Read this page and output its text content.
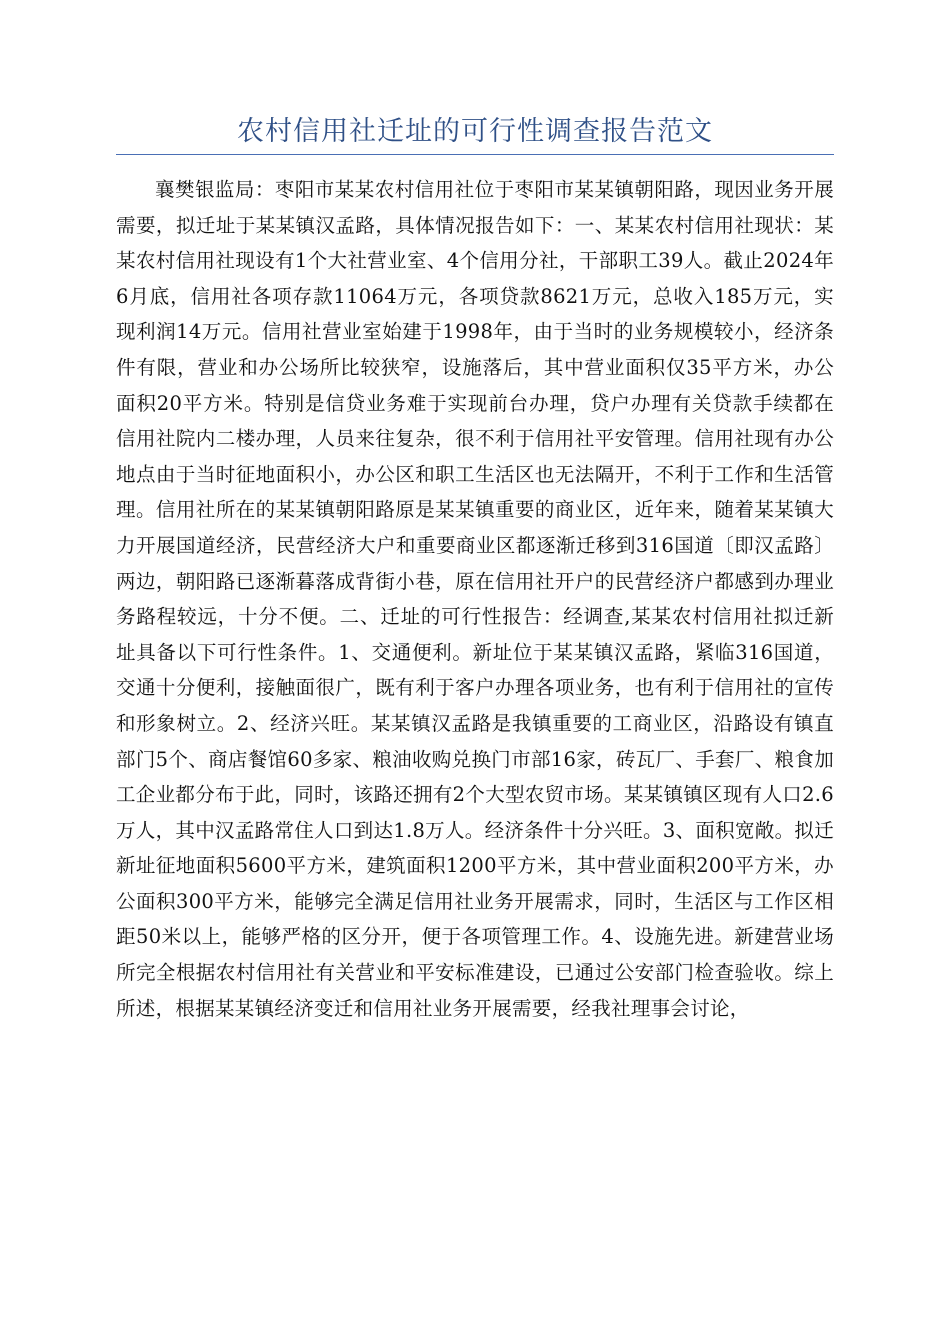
农村信用社迁址的可行性调查报告范文

襄樊银监局：枣阳市某某农村信用社位于枣阳市某某镇朝阳路，现因业务开展需要，拟迁址于某某镇汉孟路，具体情况报告如下：一、某某农村信用社现状：某某农村信用社现设有1个大社营业室、4个信用分社，干部职工39人。截止2024年6月底，信用社各项存款11064万元，各项贷款8621万元，总收入185万元，实现利润14万元。信用社营业室始建于1998年，由于当时的业务规模较小，经济条件有限，营业和办公场所比较狭窄，设施落后，其中营业面积仅35平方米，办公面积20平方米。特别是信贷业务难于实现前台办理，贷户办理有关贷款手续都在信用社院内二楼办理，人员来往复杂，很不利于信用社平安管理。信用社现有办公地点由于当时征地面积小，办公区和职工生活区也无法隔开，不利于工作和生活管理。信用社所在的某某镇朝阳路原是某某镇重要的商业区，近年来，随着某某镇大力开展国道经济，民营经济大户和重要商业区都逐渐迁移到316国道〔即汉孟路〕两边，朝阳路已逐渐暮落成背街小巷，原在信用社开户的民营经济户都感到办理业务路程较远，十分不便。二、迁址的可行性报告：经调查,某某农村信用社拟迁新址具备以下可行性条件。1、交通便利。新址位于某某镇汉孟路，紧临316国道，交通十分便利，接触面很广，既有利于客户办理各项业务，也有利于信用社的宣传和形象树立。2、经济兴旺。某某镇汉孟路是我镇重要的工商业区，沿路设有镇直部门5个、商店餐馆60多家、粮油收购兑换门市部16家，砖瓦厂、手套厂、粮食加工企业都分布于此，同时，该路还拥有2个大型农贸市场。某某镇镇区现有人口2.6万人，其中汉孟路常住人口到达1.8万人。经济条件十分兴旺。3、面积宽敞。拟迁新址征地面积5600平方米，建筑面积1200平方米，其中营业面积200平方米，办公面积300平方米，能够完全满足信用社业务开展需求，同时，生活区与工作区相距50米以上，能够严格的区分开，便于各项管理工作。4、设施先进。新建营业场所完全根据农村信用社有关营业和平安标准建设，已通过公安部门检查验收。综上所述，根据某某镇经济变迁和信用社业务开展需要，经我社理事会讨论，
